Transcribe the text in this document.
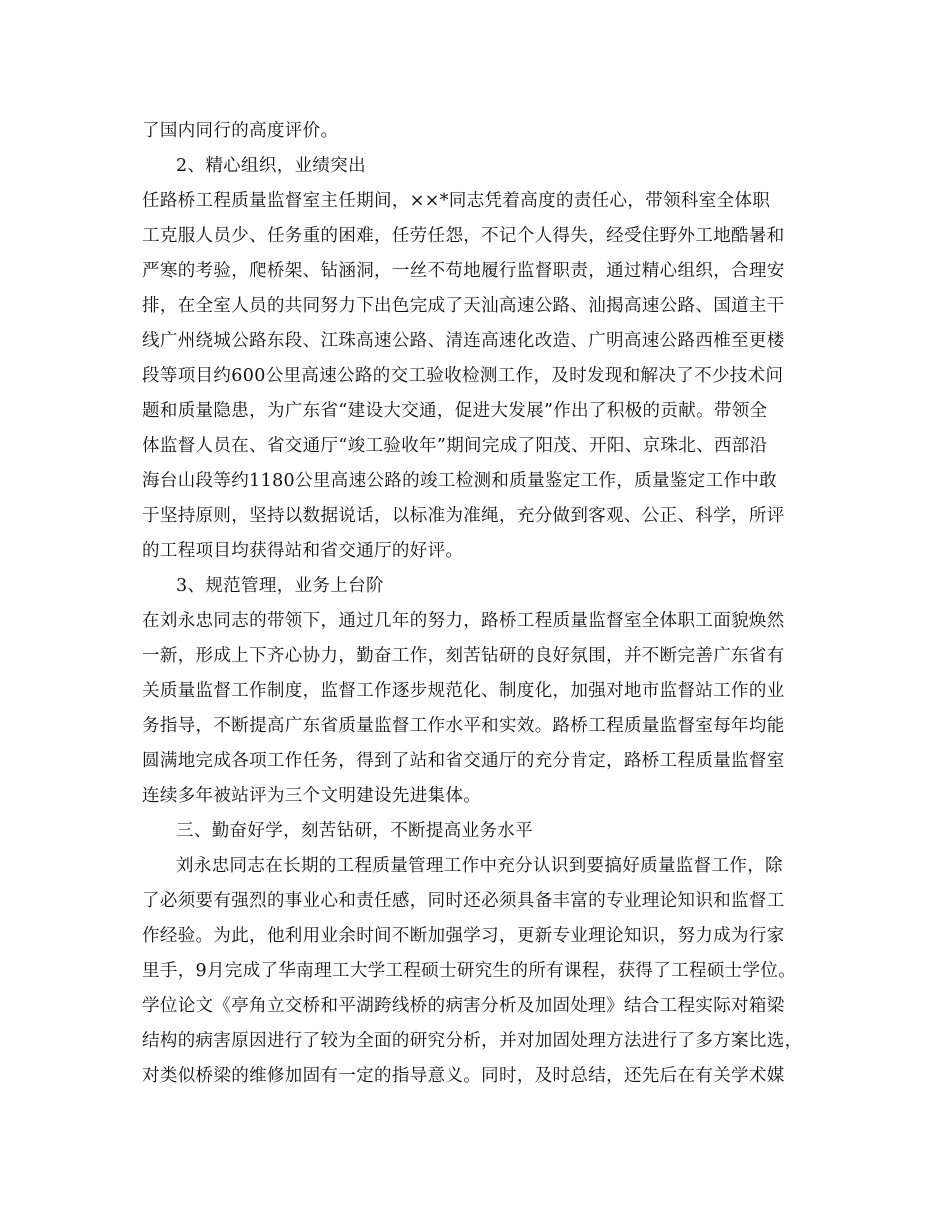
了国内同行的高度评价。
2、精心组织，业绩突出
任路桥工程质量监督室主任期间，××*同志凭着高度的责任心，带领科室全体职
工克服人员少、任务重的困难，任劳任怨，不记个人得失，经受住野外工地酷暑和
严寒的考验，爬桥架、钻涵洞，一丝不苟地履行监督职责，通过精心组织，合理安
排，在全室人员的共同努力下出色完成了天汕高速公路、汕揭高速公路、国道主干
线广州绕城公路东段、江珠高速公路、清连高速化改造、广明高速公路西椎至更楼
段等项目约600公里高速公路的交工验收检测工作，及时发现和解决了不少技术问
题和质量隐患，为广东省“建设大交通，促进大发展”作出了积极的贡献。带领全
体监督人员在、省交通厅“竣工验收年”期间完成了阳茂、开阳、京珠北、西部沿
海台山段等约1180公里高速公路的竣工检测和质量鉴定工作，质量鉴定工作中敢
于坚持原则，坚持以数据说话，以标准为准绳，充分做到客观、公正、科学，所评
的工程项目均获得站和省交通厅的好评。
3、规范管理，业务上台阶
在刘永忠同志的带领下，通过几年的努力，路桥工程质量监督室全体职工面貌焕然
一新，形成上下齐心协力，勤奋工作，刻苦钻研的良好氛围，并不断完善广东省有
关质量监督工作制度，监督工作逐步规范化、制度化，加强对地市监督站工作的业
务指导，不断提高广东省质量监督工作水平和实效。路桥工程质量监督室每年均能
圆满地完成各项工作任务，得到了站和省交通厅的充分肯定，路桥工程质量监督室
连续多年被站评为三个文明建设先进集体。
三、勤奋好学，刻苦钻研，不断提高业务水平
刘永忠同志在长期的工程质量管理工作中充分认识到要搞好质量监督工作，除
了必须要有强烈的事业心和责任感，同时还必须具备丰富的专业理论知识和监督工
作经验。为此，他利用业余时间不断加强学习，更新专业理论知识，努力成为行家
里手，9月完成了华南理工大学工程硕士研究生的所有课程，获得了工程硕士学位。
学位论文《亭角立交桥和平湖跨线桥的病害分析及加固处理》结合工程实际对箱梁
结构的病害原因进行了较为全面的研究分析，并对加固处理方法进行了多方案比选，
对类似桥梁的维修加固有一定的指导意义。同时，及时总结，还先后在有关学术媒
